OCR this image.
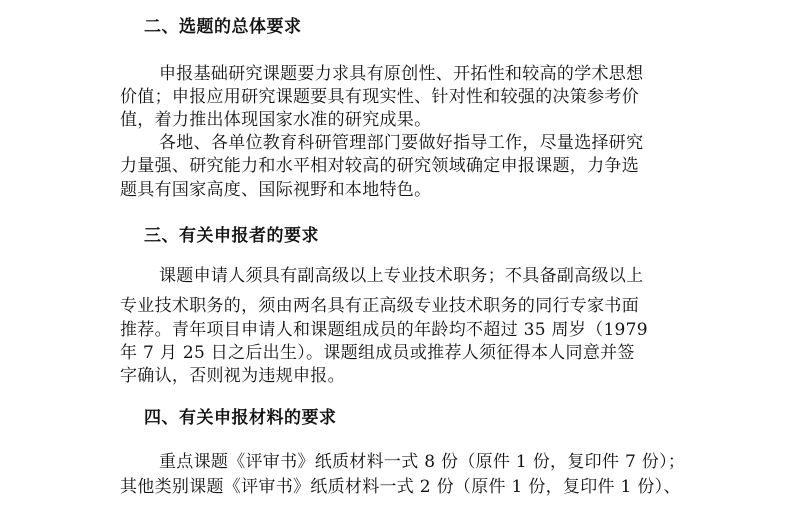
二、选题的总体要求
申报基础研究课题要力求具有原创性、开拓性和较高的学术思想
价值；申报应用研究课题要具有现实性、针对性和较强的决策参考价
值，着力推出体现国家水准的研究成果。
各地、各单位教育科研管理部门要做好指导工作，尽量选择研究
力量强、研究能力和水平相对较高的研究领域确定申报课题，力争选
题具有国家高度、国际视野和本地特色。
三、有关申报者的要求
课题申请人须具有副高级以上专业技术职务；不具备副高级以上
专业技术职务的，须由两名具有正高级专业技术职务的同行专家书面
推荐。青年项目申请人和课题组成员的年龄均不超过 35 周岁（1979
年 7 月 25 日之后出生）。课题组成员或推荐人须征得本人同意并签
字确认，否则视为违规申报。
四、有关申报材料的要求
重点课题《评审书》纸质材料一式 8 份（原件 1 份，复印件 7 份）；
其他类别课题《评审书》纸质材料一式 2 份（原件 1 份，复印件 1 份）、
